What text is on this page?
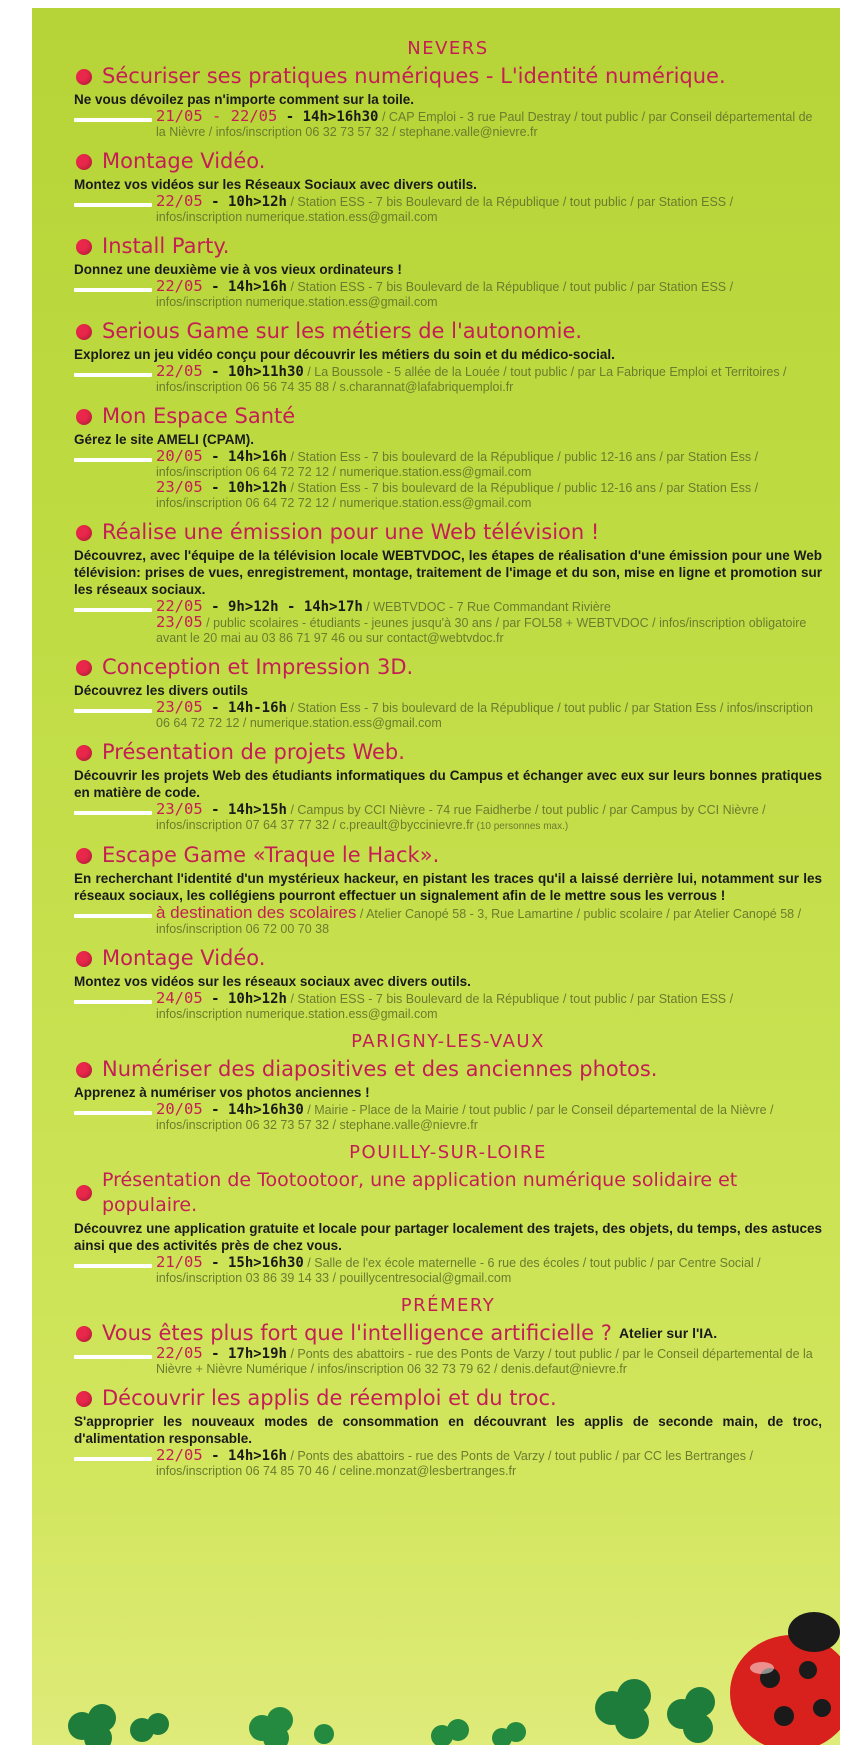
NEVERS
Sécuriser ses pratiques numériques - L'identité numérique.
Ne vous dévoilez pas n'importe comment sur la toile.
21/05 - 22/05 - 14h>16h30 / CAP Emploi - 3 rue Paul Destray / tout public / par Conseil départemental de la Nièvre / infos/inscription 06 32 73 57 32 / stephane.valle@nievre.fr
Montage Vidéo.
Montez vos vidéos sur les Réseaux Sociaux avec divers outils.
22/05 - 10h>12h / Station ESS - 7 bis Boulevard de la République / tout public / par Station ESS / infos/inscription numerique.station.ess@gmail.com
Install Party.
Donnez une deuxième vie à vos vieux ordinateurs !
22/05 - 14h>16h / Station ESS - 7 bis Boulevard de la République / tout public / par Station ESS / infos/inscription numerique.station.ess@gmail.com
Serious Game sur les métiers de l'autonomie.
Explorez un jeu vidéo conçu pour découvrir les métiers du soin et du médico-social.
22/05 - 10h>11h30 / La Boussole - 5 allée de la Louée / tout public / par La Fabrique Emploi et Territoires / infos/inscription 06 56 74 35 88 / s.charannat@lafabriquemploi.fr
Mon Espace Santé
Gérez le site AMELI (CPAM).
20/05 - 14h>16h / Station Ess - 7 bis boulevard de la République / public 12-16 ans / par Station Ess / infos/inscription 06 64 72 72 12 / numerique.station.ess@gmail.com
23/05 - 10h>12h / Station Ess - 7 bis boulevard de la République / public 12-16 ans / par Station Ess / infos/inscription 06 64 72 72 12 / numerique.station.ess@gmail.com
Réalise une émission pour une Web télévision !
Découvrez, avec l'équipe de la télévision locale WEBTVDOC, les étapes de réalisation d'une émission pour une Web télévision: prises de vues, enregistrement, montage, traitement de l'image et du son, mise en ligne et promotion sur les réseaux sociaux.
22/05 - 9h>12h - 14h>17h / WEBTVDOC - 7 Rue Commandant Rivière
23/05 / public scolaires - étudiants - jeunes jusqu'à 30 ans / par FOL58 + WEBTVDOC / infos/inscription obligatoire avant le 20 mai au 03 86 71 97 46 ou sur contact@webtvdoc.fr
Conception et Impression 3D.
Découvrez les divers outils
23/05 - 14h-16h / Station Ess - 7 bis boulevard de la République / tout public / par Station Ess / infos/inscription 06 64 72 72 12 / numerique.station.ess@gmail.com
Présentation de projets Web.
Découvrir les projets Web des étudiants informatiques du Campus et échanger avec eux sur leurs bonnes pratiques en matière de code.
23/05 - 14h>15h / Campus by CCI Nièvre - 74 rue Faidherbe / tout public / par Campus by CCI Nièvre / infos/inscription 07 64 37 77 32 / c.preault@byccinievre.fr (10 personnes max.)
Escape Game «Traque le Hack».
En recherchant l'identité d'un mystérieux hackeur, en pistant les traces qu'il a laissé derrière lui, notamment sur les réseaux sociaux, les collégiens pourront effectuer un signalement afin de le mettre sous les verrous !
à destination des scolaires / Atelier Canopé 58 - 3, Rue Lamartine / public scolaire / par Atelier Canopé 58 / infos/inscription 06 72 00 70 38
Montage Vidéo.
Montez vos vidéos sur les réseaux sociaux avec divers outils.
24/05 - 10h>12h / Station ESS - 7 bis Boulevard de la République / tout public / par Station ESS / infos/inscription numerique.station.ess@gmail.com
PARIGNY-LES-VAUX
Numériser des diapositives et des anciennes photos.
Apprenez à numériser vos photos anciennes !
20/05 - 14h>16h30 / Mairie - Place de la Mairie / tout public / par le Conseil départemental de la Nièvre / infos/inscription 06 32 73 57 32 / stephane.valle@nievre.fr
POUILLY-SUR-LOIRE
Présentation de Tootootoor, une application numérique solidaire et populaire.
Découvrez une application gratuite et locale pour partager localement des trajets, des objets, du temps, des astuces ainsi que des activités près de chez vous.
21/05 - 15h>16h30 / Salle de l'ex école maternelle - 6 rue des écoles / tout public / par Centre Social / infos/inscription 03 86 39 14 33 / pouillycentresocial@gmail.com
PRÉMERY
Vous êtes plus fort que l'intelligence artificielle ? Atelier sur l'IA.
22/05 - 17h>19h / Ponts des abattoirs - rue des Ponts de Varzy / tout public / par le Conseil départemental de la Nièvre + Nièvre Numérique / infos/inscription 06 32 73 79 62 / denis.defaut@nievre.fr
Découvrir les applis de réemploi et du troc.
S'approprier les nouveaux modes de consommation en découvrant les applis de seconde main, de troc, d'alimentation responsable.
22/05 - 14h>16h / Ponts des abattoirs - rue des Ponts de Varzy / tout public / par CC les Bertranges / infos/inscription 06 74 85 70 46 / celine.monzat@lesbertranges.fr
